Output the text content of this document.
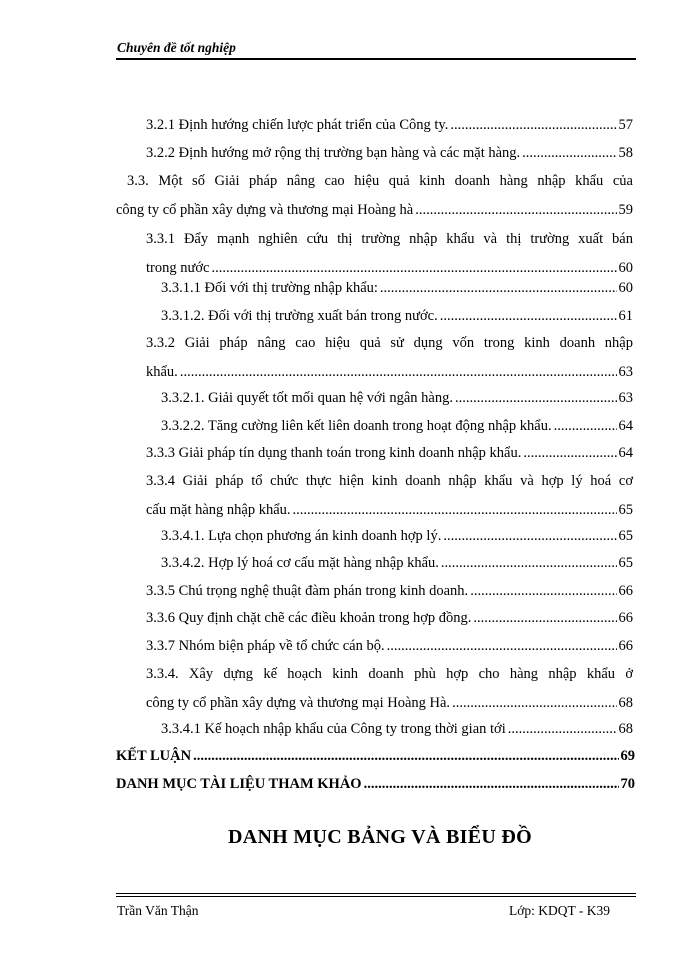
Chuyên đề tốt nghiệp
3.2.1 Định hướng chiến lược phát triển của Công ty. .....	57
3.2.2 Định hướng mở rộng thị trường bạn hàng và các mặt hàng. .....	58
3.3. Một số Giải pháp nâng cao hiệu quả kinh doanh hàng nhập khẩu của
công ty cổ phần xây dựng và thương mại Hoàng hà .....	59
3.3.1 Đẩy mạnh nghiên cứu thị trường nhập khẩu và thị trường xuất bán
trong nước .....	60
3.3.1.1 Đối với thị trường nhập khẩu: .....	60
3.3.1.2. Đối với thị trường xuất bán trong nước. .....	61
3.3.2 Giải pháp nâng cao hiệu quả sử dụng vốn trong kinh doanh nhập
khẩu. .....	63
3.3.2.1. Giải quyết tốt mối quan hệ với ngân hàng. .....	63
3.3.2.2. Tăng cường liên kết liên doanh trong hoạt động nhập khẩu. .....	64
3.3.3 Giải pháp tín dụng thanh toán trong kinh doanh nhập khẩu. .....	64
3.3.4 Giải pháp tổ chức thực hiện kinh doanh nhập khẩu và hợp lý hoá cơ
cấu mặt hàng nhập khẩu. .....	65
3.3.4.1. Lựa chọn phương án kinh doanh hợp lý. .....	65
3.3.4.2. Hợp lý hoá cơ cấu mặt hàng nhập khẩu. .....	65
3.3.5 Chú trọng nghệ thuật đàm phán trong kinh doanh. .....	66
3.3.6 Quy định chặt chẽ các điều khoản trong hợp đồng. .....	66
3.3.7 Nhóm biện pháp về tổ chức cán bộ. .....	66
3.3.4. Xây dựng kế hoạch kinh doanh phù hợp cho hàng nhập khẩu ở
công ty cổ phần xây dựng và thương mại Hoàng Hà. .....	68
3.3.4.1 Kế hoạch nhập khẩu của Công ty trong thời gian tới .....	68
KẾT LUẬN .....	69
DANH MỤC TÀI LIỆU THAM KHẢO .....	70
DANH MỤC BẢNG VÀ BIỂU ĐỒ
Trần Văn Thận	Lớp: KDQT - K39
